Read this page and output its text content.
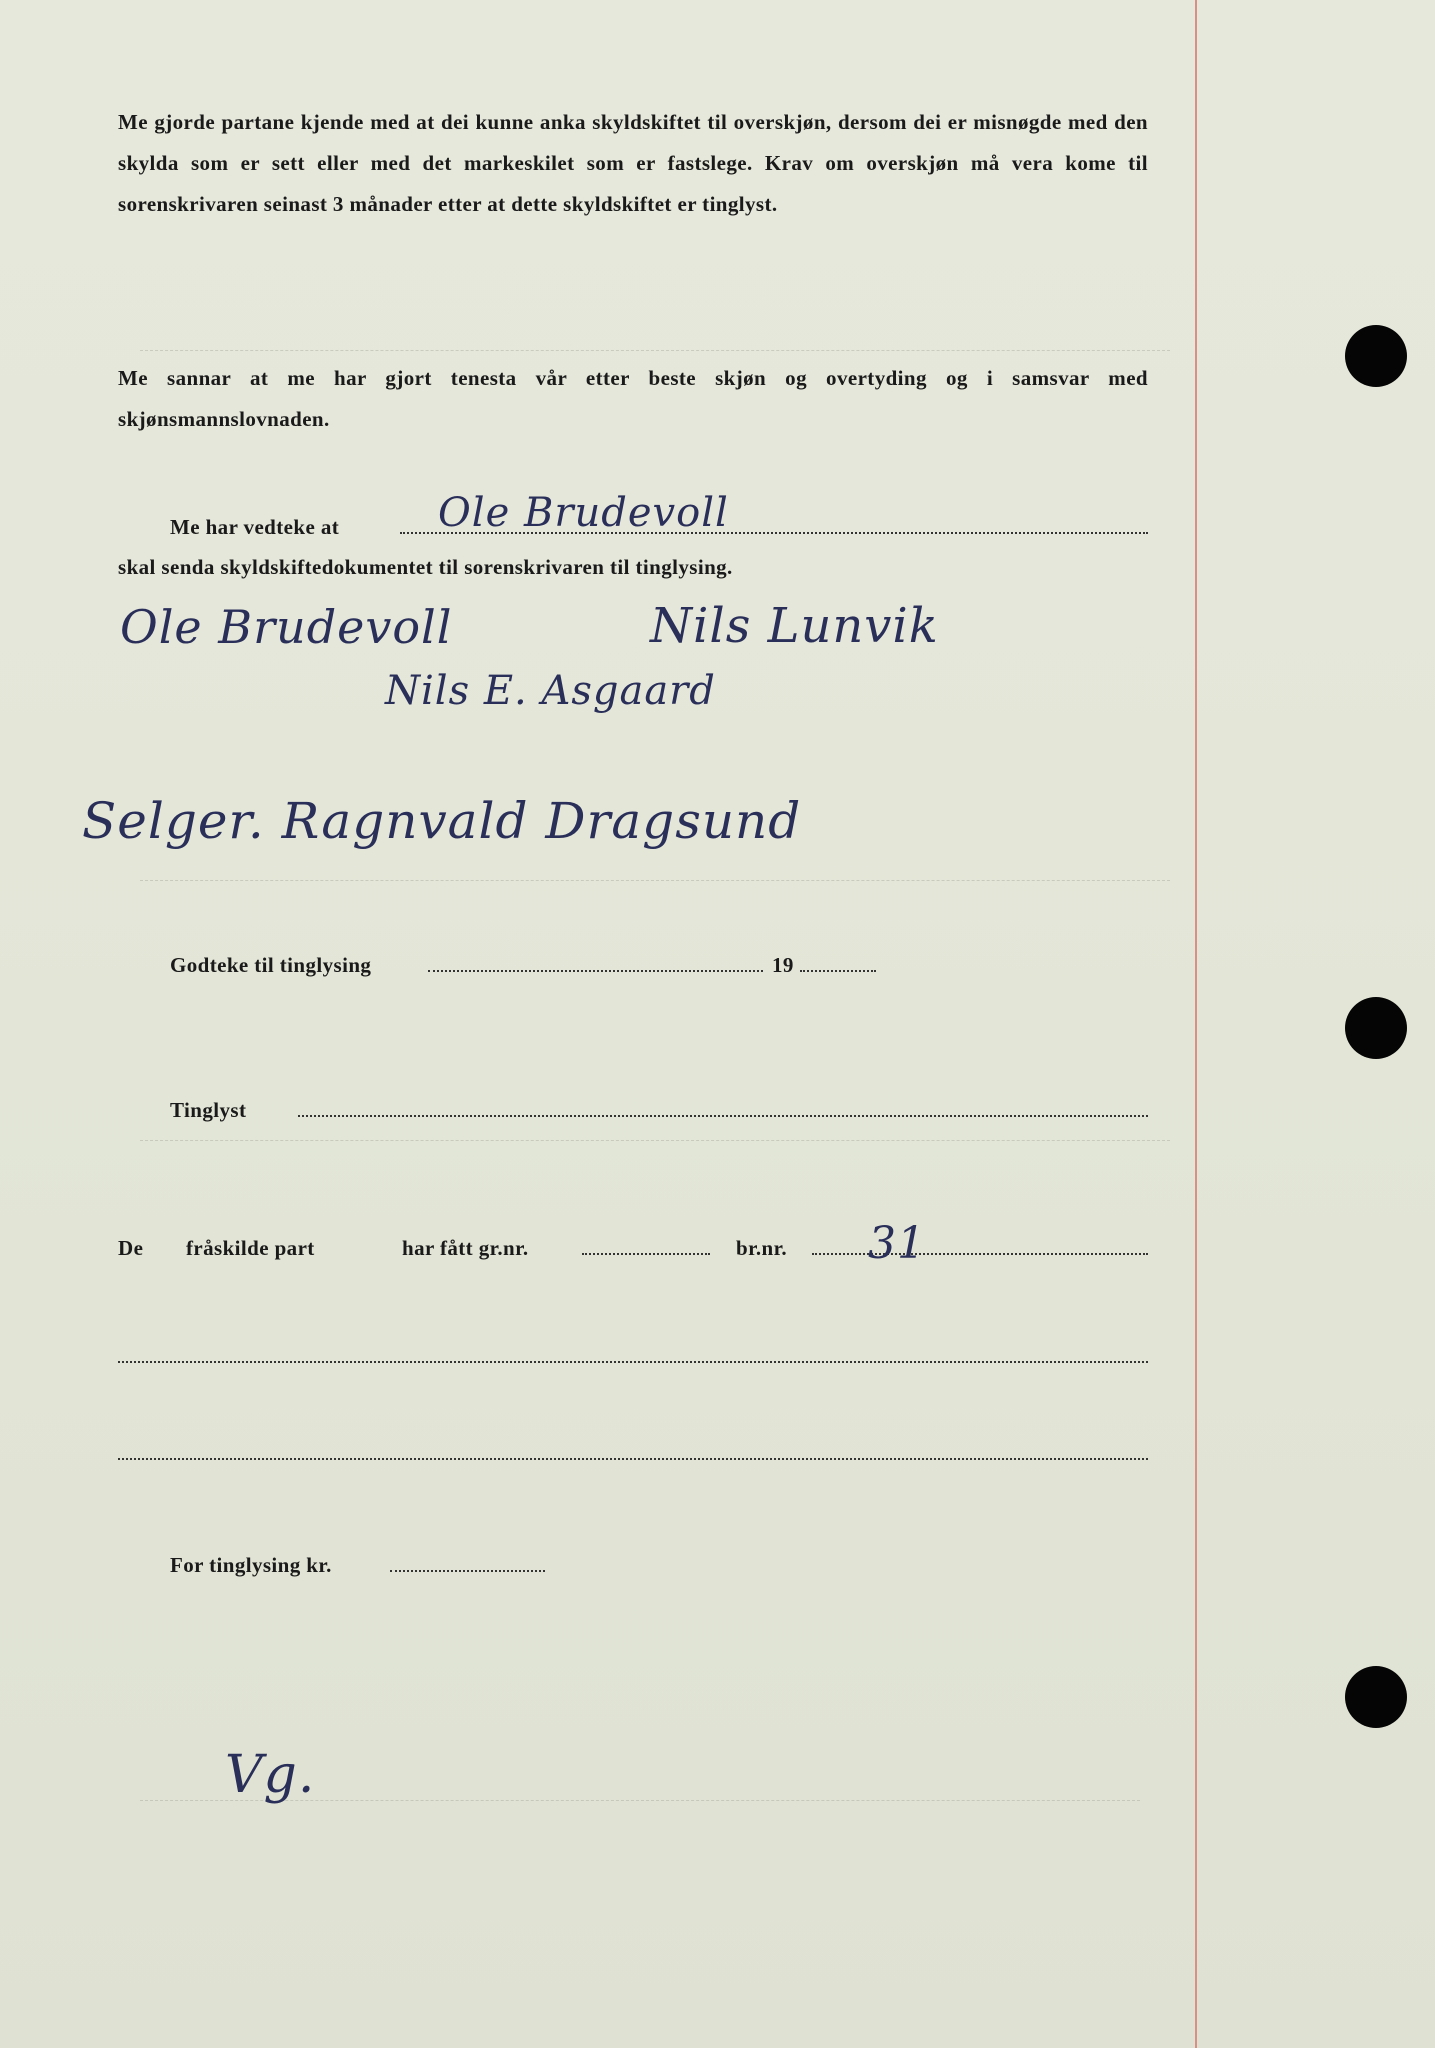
Me gjorde partane kjende med at dei kunne anka skyldskiftet til overskjøn, dersom dei er misnøgde med den skylda som er sett eller med det markeskilet som er fastslege. Krav om overskjøn må vera kome til sorenskrivaren seinast 3 månader etter at dette skyldskiftet er tinglyst.

Me sannar at me har gjort tenesta vår etter beste skjøn og overtyding og i samsvar med skjønsmannslovnaden.

Me har vedteke at Ole Brudevoll
skal senda skyldskiftedokumentet til sorenskrivaren til tinglysing.
Ole Brudevoll	Nils Lunvik
Nils E. Asgaard
Selger. Ragnvald Dragsund
Godteke til tinglysing	19
Tinglyst
De fråskilde part	har fått gr.nr.	br.nr. 31
For tinglysing kr.
Vg.
